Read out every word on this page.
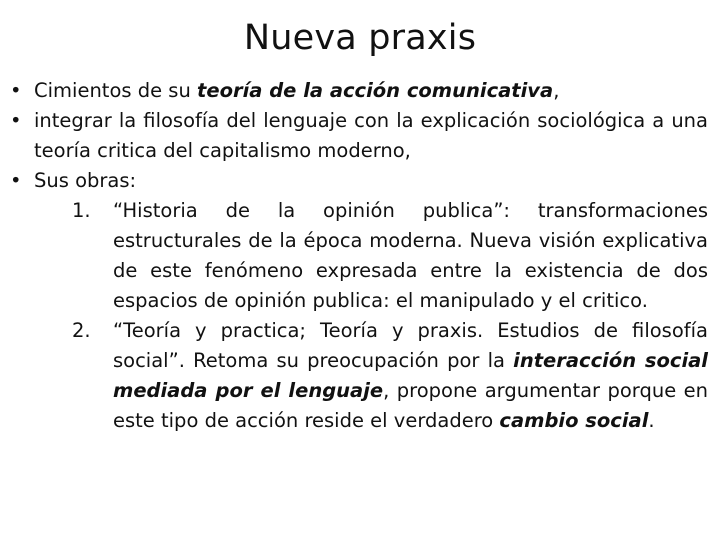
Nueva praxis
• Cimientos de su teoría de la acción comunicativa,
• integrar la filosofía del lenguaje con la explicación sociológica a una teoría critica del capitalismo moderno,
• Sus obras:
1. “Historia de la opinión publica”: transformaciones estructurales de la época moderna. Nueva visión explicativa de este fenómeno expresada entre la existencia de dos espacios de opinión publica: el manipulado y el critico.
2. “Teoría y practica; Teoría y praxis. Estudios de filosofía social”. Retoma su preocupación por la interacción social mediada por el lenguaje, propone argumentar porque en este tipo de acción reside el verdadero cambio social.
